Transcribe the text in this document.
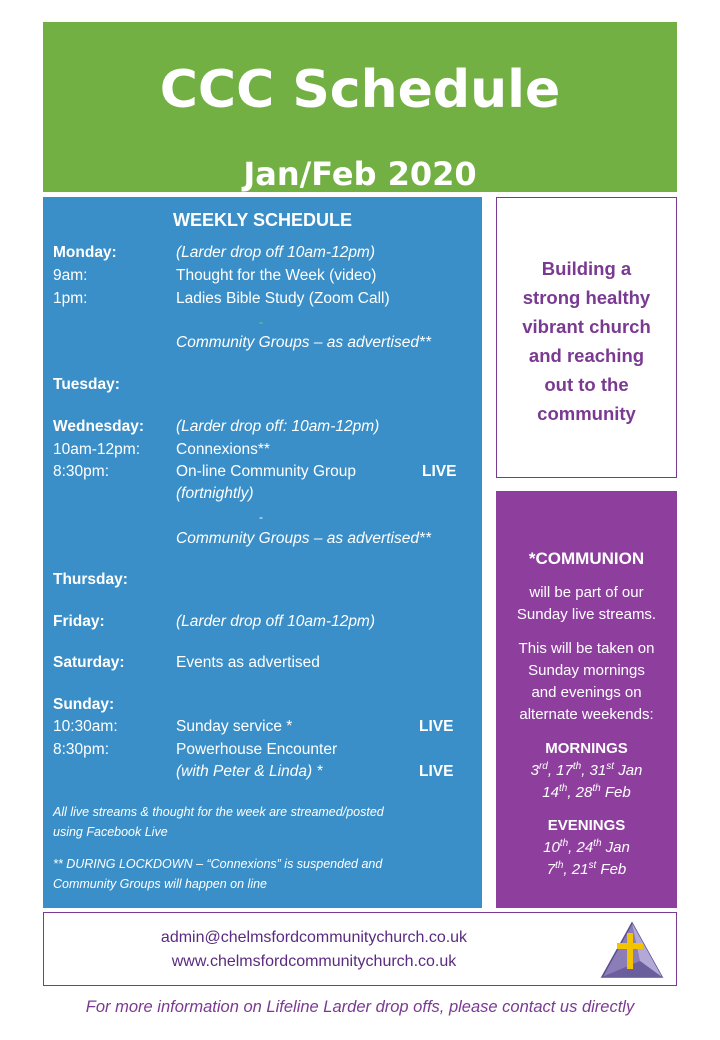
CCC Schedule
Jan/Feb 2020
WEEKLY SCHEDULE
Monday:	(Larder drop off 10am-12pm)
9am:	Thought for the Week (video)
1pm:	Ladies Bible Study (Zoom Call)
-
Community Groups – as advertised**
Tuesday:
Wednesday: (Larder drop off: 10am-12pm)
10am-12pm: Connexions**
8:30pm:	On-line Community Group	LIVE
(fortnightly)
-
Community Groups – as advertised**
Thursday:
Friday:	(Larder drop off 10am-12pm)
Saturday:	Events as advertised
Sunday:
10:30am:	Sunday service *	LIVE
8:30pm:	Powerhouse Encounter
(with Peter & Linda) *	LIVE
All live streams & thought for the week are streamed/posted
using Facebook Live
** DURING LOCKDOWN – “Connexions” is suspended and
Community Groups will happen on line
Building a
strong healthy
vibrant church
and reaching
out to the
community
*COMMUNION
will be part of our
Sunday live streams.
This will be taken on
Sunday mornings
and evenings on
alternate weekends:
MORNINGS
3rd, 17th, 31st Jan
14th, 28th Feb
EVENINGS
10th, 24th Jan
7th, 21st Feb
admin@chelmsfordcommunitychurch.co.uk
www.chelmsfordcommunitychurch.co.uk
For more information on Lifeline Larder drop offs, please contact us directly
